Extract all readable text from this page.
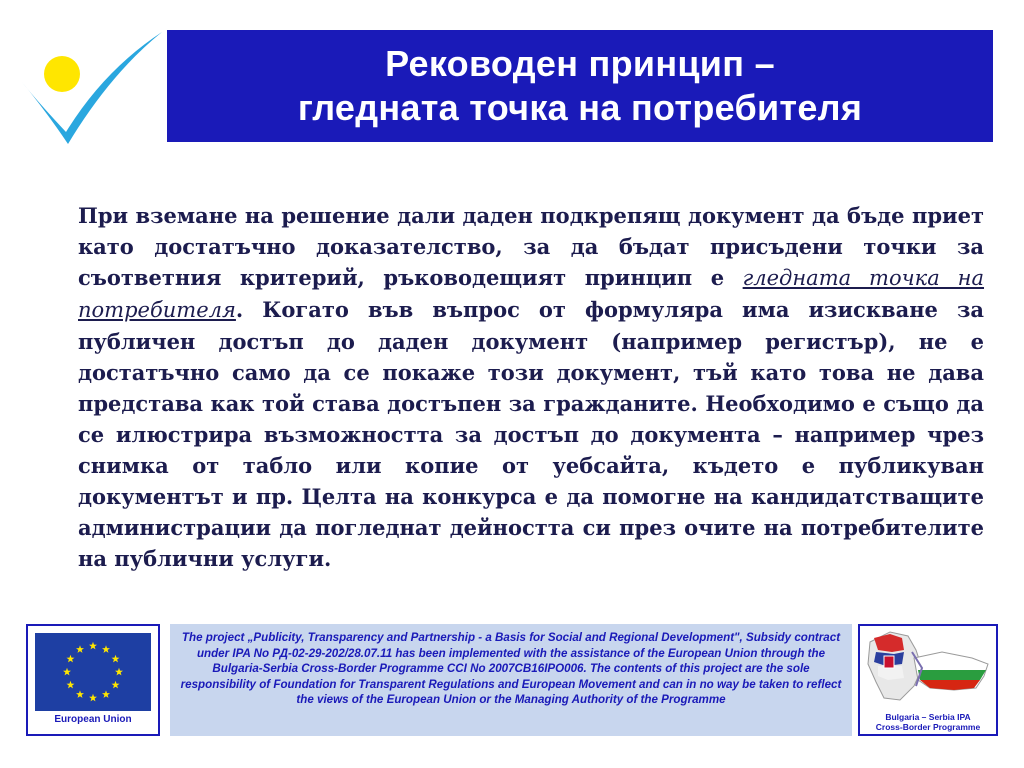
Реководен принцип –
гледната точка на потребителя

При вземане на решение дали даден подкрепящ документ да бъде приет като достатъчно доказателство, за да бъдат присъдени точки за съответния критерий, ръководещият принцип е гледната точка на потребителя. Когато във въпрос от формуляра има изискване за публичен достъп до даден документ (например регистър), не е достатъчно само да се покаже този документ, тъй като това не дава представа как той става достъпен за гражданите. Необходимо е също да се илюстрира възможността за достъп до документа – например чрез снимка от табло или копие от уебсайта, където е публикуван документът и пр. Целта на конкурса е да помогне на кандидатстващите администрации да погледнат дейността си през очите на потребителите на публични услуги.

European Union
The project „Publicity, Transparency and Partnership - a Basis for Social and Regional Development", Subsidy contract under IPA No РД-02-29-202/28.07.11 has been implemented with the assistance of the European Union through the Bulgaria-Serbia Cross-Border Programme CCI No 2007CB16IPO006. The contents of this project are the sole responsibility of Foundation for Transparent Regulations and European Movement and can in no way be taken to reflect the views of the European Union or the Managing Authority of the Programme
Bulgaria – Serbia IPA
Cross-Border Programme
